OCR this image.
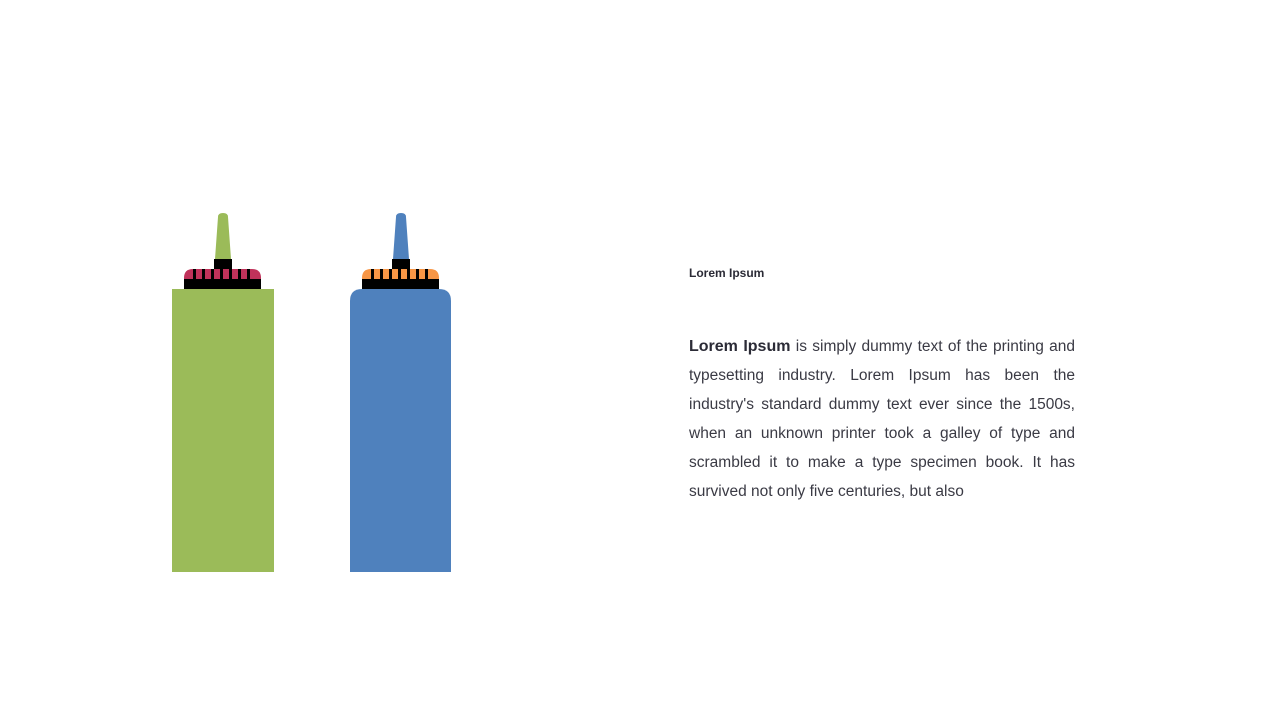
Lorem Ipsum

Lorem Ipsum is simply dummy text of the printing and typesetting industry. Lorem Ipsum has been the industry's standard dummy text ever since the 1500s, when an unknown printer took a galley of type and scrambled it to make a type specimen book. It has survived not only five centuries, but also
